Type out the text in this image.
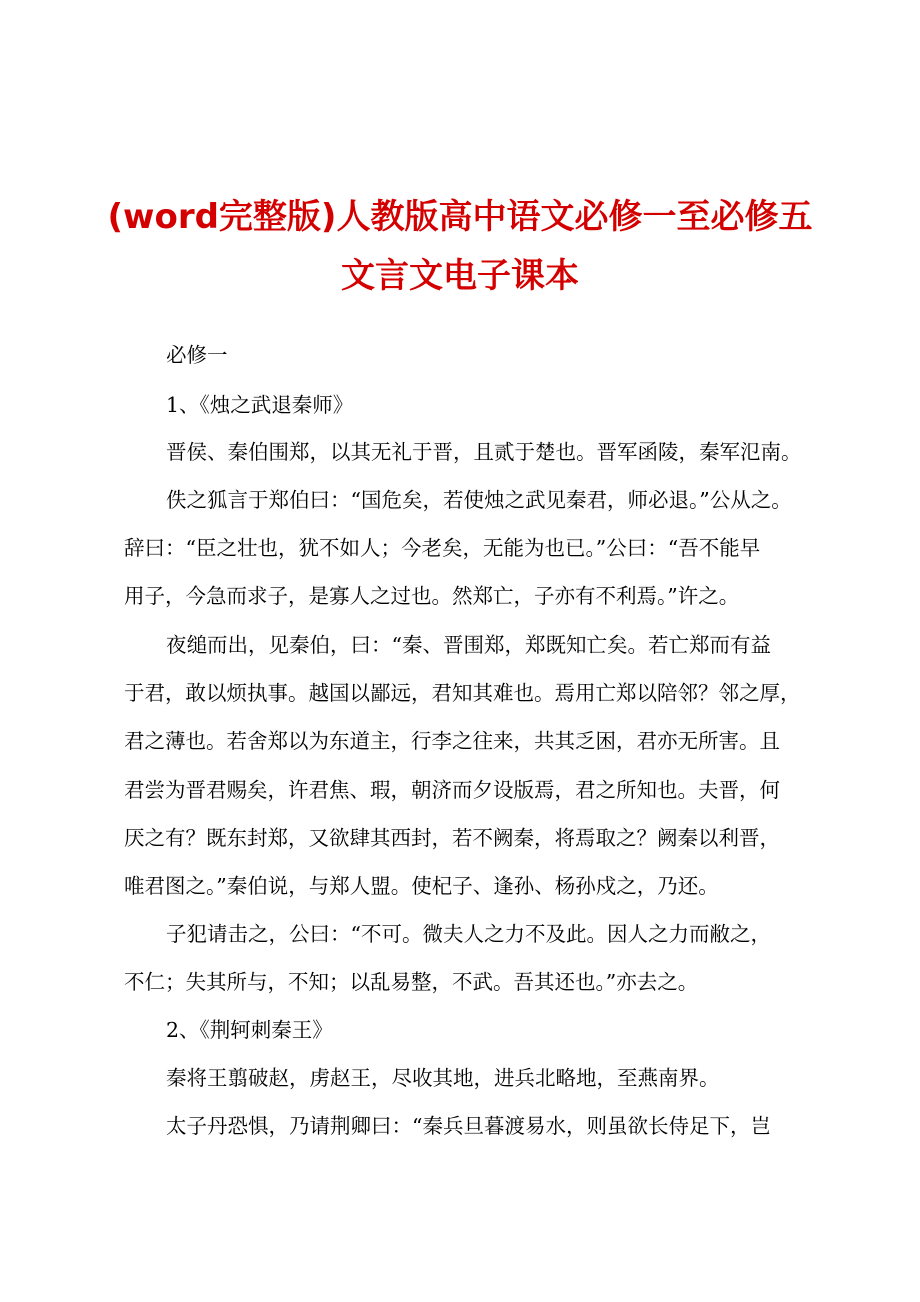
(word完整版)人教版高中语文必修一至必修五
文言文电子课本
必修一
1、《烛之武退秦师》
晋侯、秦伯围郑，以其无礼于晋，且贰于楚也。晋军函陵，秦军氾南。
佚之狐言于郑伯曰：“国危矣，若使烛之武见秦君，师必退。”公从之。
辞曰：“臣之壮也，犹不如人；今老矣，无能为也已。”公曰：“吾不能早
用子，今急而求子，是寡人之过也。然郑亡，子亦有不利焉。”许之。
夜缒而出，见秦伯，曰：“秦、晋围郑，郑既知亡矣。若亡郑而有益
于君，敢以烦执事。越国以鄙远，君知其难也。焉用亡郑以陪邻？邻之厚，
君之薄也。若舍郑以为东道主，行李之往来，共其乏困，君亦无所害。且
君尝为晋君赐矣，许君焦、瑕，朝济而夕设版焉，君之所知也。夫晋，何
厌之有？既东封郑，又欲肆其西封，若不阙秦，将焉取之？阙秦以利晋，
唯君图之。”秦伯说，与郑人盟。使杞子、逢孙、杨孙戍之，乃还。
子犯请击之，公曰：“不可。微夫人之力不及此。因人之力而敝之，
不仁；失其所与，不知；以乱易整，不武。吾其还也。”亦去之。
2、《荆轲刺秦王》
秦将王翦破赵，虏赵王，尽收其地，进兵北略地，至燕南界。
太子丹恐惧，乃请荆卿曰：“秦兵旦暮渡易水，则虽欲长侍足下，岂
